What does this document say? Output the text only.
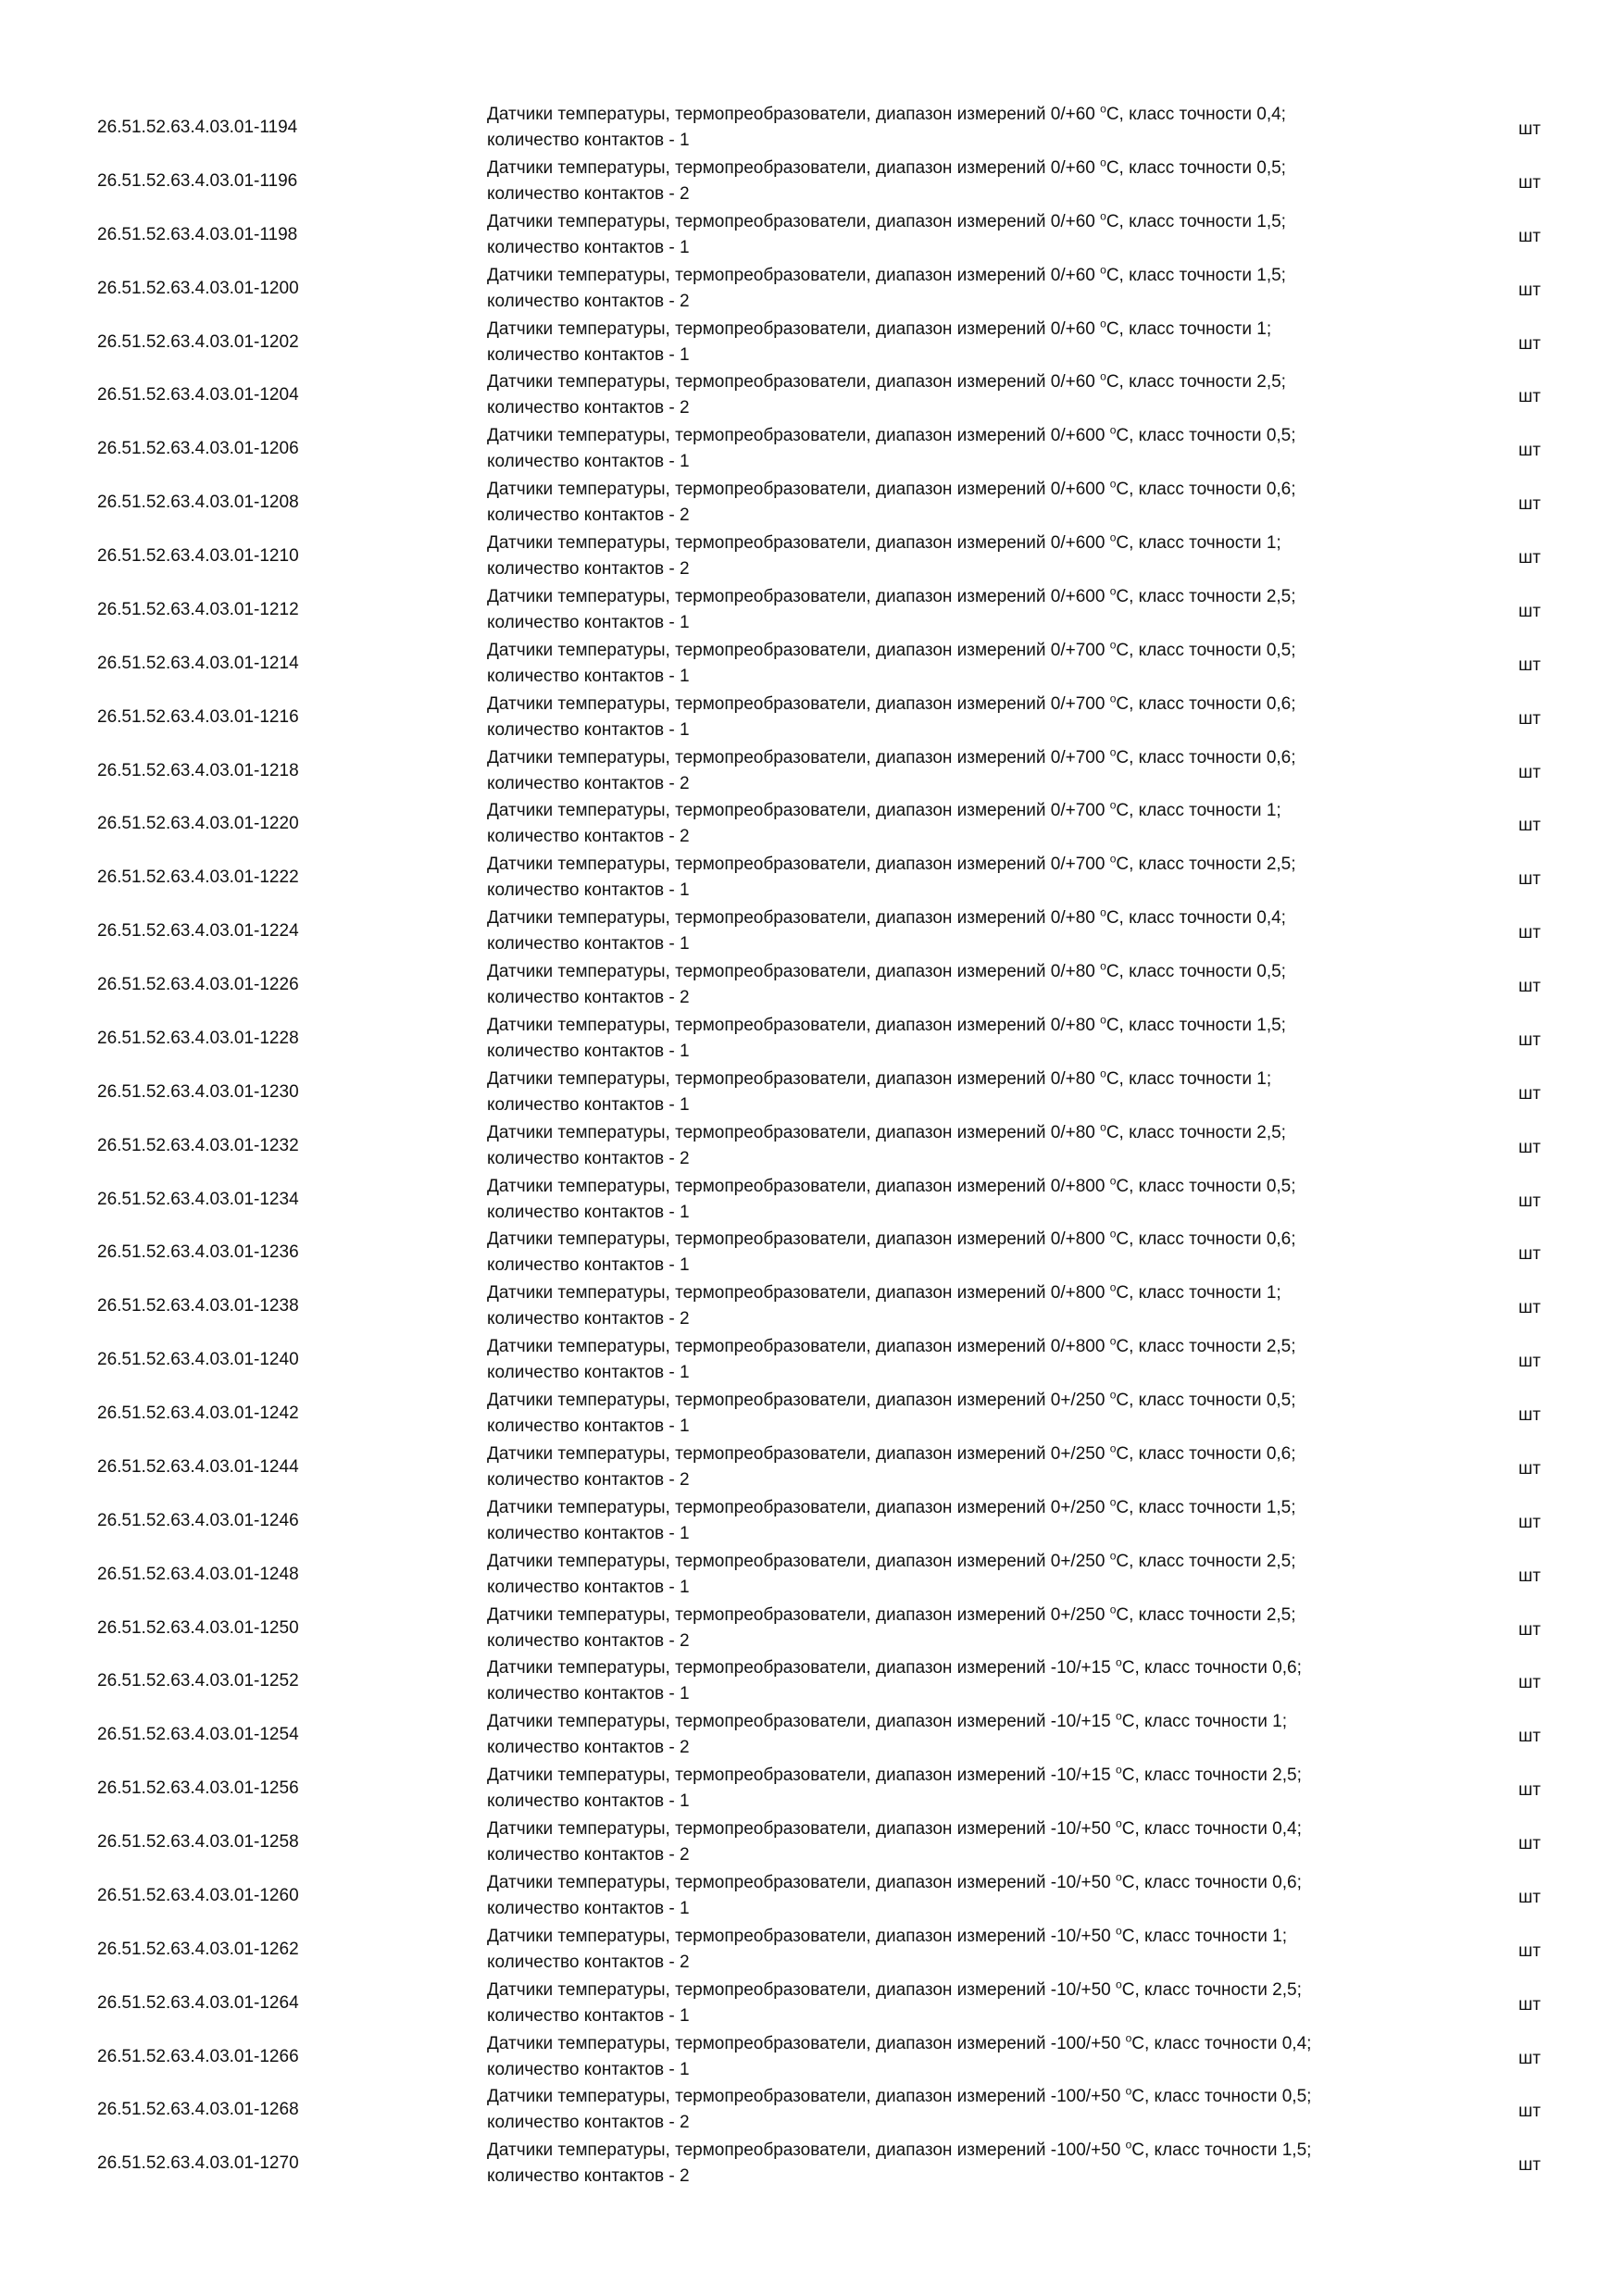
26.51.52.63.4.03.01-1194
Датчики температуры, термопреобразователи, диапазон измерений 0/+60 $^o$C, класс точности 0,4;
количество контактов - 1
шт
26.51.52.63.4.03.01-1196
Датчики температуры, термопреобразователи, диапазон измерений 0/+60 $^o$C, класс точности 0,5;
количество контактов - 2
шт
26.51.52.63.4.03.01-1198
Датчики температуры, термопреобразователи, диапазон измерений 0/+60 $^o$C, класс точности 1,5;
количество контактов - 1
шт
26.51.52.63.4.03.01-1200
Датчики температуры, термопреобразователи, диапазон измерений 0/+60 $^o$C, класс точности 1,5;
количество контактов - 2
шт
26.51.52.63.4.03.01-1202
Датчики температуры, термопреобразователи, диапазон измерений 0/+60 $^o$C, класс точности 1;
количество контактов - 1
шт
26.51.52.63.4.03.01-1204
Датчики температуры, термопреобразователи, диапазон измерений 0/+60 $^o$C, класс точности 2,5;
количество контактов - 2
шт
26.51.52.63.4.03.01-1206
Датчики температуры, термопреобразователи, диапазон измерений 0/+600 $^o$C, класс точности 0,5;
количество контактов - 1
шт
26.51.52.63.4.03.01-1208
Датчики температуры, термопреобразователи, диапазон измерений 0/+600 $^o$C, класс точности 0,6;
количество контактов - 2
шт
26.51.52.63.4.03.01-1210
Датчики температуры, термопреобразователи, диапазон измерений 0/+600 $^o$C, класс точности 1;
количество контактов - 2
шт
26.51.52.63.4.03.01-1212
Датчики температуры, термопреобразователи, диапазон измерений 0/+600 $^o$C, класс точности 2,5;
количество контактов - 1
шт
26.51.52.63.4.03.01-1214
Датчики температуры, термопреобразователи, диапазон измерений 0/+700 $^o$C, класс точности 0,5;
количество контактов - 1
шт
26.51.52.63.4.03.01-1216
Датчики температуры, термопреобразователи, диапазон измерений 0/+700 $^o$C, класс точности 0,6;
количество контактов - 1
шт
26.51.52.63.4.03.01-1218
Датчики температуры, термопреобразователи, диапазон измерений 0/+700 $^o$C, класс точности 0,6;
количество контактов - 2
шт
26.51.52.63.4.03.01-1220
Датчики температуры, термопреобразователи, диапазон измерений 0/+700 $^o$C, класс точности 1;
количество контактов - 2
шт
26.51.52.63.4.03.01-1222
Датчики температуры, термопреобразователи, диапазон измерений 0/+700 $^o$C, класс точности 2,5;
количество контактов - 1
шт
26.51.52.63.4.03.01-1224
Датчики температуры, термопреобразователи, диапазон измерений 0/+80 $^o$C, класс точности 0,4;
количество контактов - 1
шт
26.51.52.63.4.03.01-1226
Датчики температуры, термопреобразователи, диапазон измерений 0/+80 $^o$C, класс точности 0,5;
количество контактов - 2
шт
26.51.52.63.4.03.01-1228
Датчики температуры, термопреобразователи, диапазон измерений 0/+80 $^o$C, класс точности 1,5;
количество контактов - 1
шт
26.51.52.63.4.03.01-1230
Датчики температуры, термопреобразователи, диапазон измерений 0/+80 $^o$C, класс точности 1;
количество контактов - 1
шт
26.51.52.63.4.03.01-1232
Датчики температуры, термопреобразователи, диапазон измерений 0/+80 $^o$C, класс точности 2,5;
количество контактов - 2
шт
26.51.52.63.4.03.01-1234
Датчики температуры, термопреобразователи, диапазон измерений 0/+800 $^o$C, класс точности 0,5;
количество контактов - 1
шт
26.51.52.63.4.03.01-1236
Датчики температуры, термопреобразователи, диапазон измерений 0/+800 $^o$C, класс точности 0,6;
количество контактов - 1
шт
26.51.52.63.4.03.01-1238
Датчики температуры, термопреобразователи, диапазон измерений 0/+800 $^o$C, класс точности 1;
количество контактов - 2
шт
26.51.52.63.4.03.01-1240
Датчики температуры, термопреобразователи, диапазон измерений 0/+800 $^o$C, класс точности 2,5;
количество контактов - 1
шт
26.51.52.63.4.03.01-1242
Датчики температуры, термопреобразователи, диапазон измерений 0+/250 $^o$C, класс точности 0,5;
количество контактов - 1
шт
26.51.52.63.4.03.01-1244
Датчики температуры, термопреобразователи, диапазон измерений 0+/250 $^o$C, класс точности 0,6;
количество контактов - 2
шт
26.51.52.63.4.03.01-1246
Датчики температуры, термопреобразователи, диапазон измерений 0+/250 $^o$C, класс точности 1,5;
количество контактов - 1
шт
26.51.52.63.4.03.01-1248
Датчики температуры, термопреобразователи, диапазон измерений 0+/250 $^o$C, класс точности 2,5;
количество контактов - 1
шт
26.51.52.63.4.03.01-1250
Датчики температуры, термопреобразователи, диапазон измерений 0+/250 $^o$C, класс точности 2,5;
количество контактов - 2
шт
26.51.52.63.4.03.01-1252
Датчики температуры, термопреобразователи, диапазон измерений -10/+15 $^o$C, класс точности 0,6;
количество контактов - 1
шт
26.51.52.63.4.03.01-1254
Датчики температуры, термопреобразователи, диапазон измерений -10/+15 $^o$C, класс точности 1;
количество контактов - 2
шт
26.51.52.63.4.03.01-1256
Датчики температуры, термопреобразователи, диапазон измерений -10/+15 $^o$C, класс точности 2,5;
количество контактов - 1
шт
26.51.52.63.4.03.01-1258
Датчики температуры, термопреобразователи, диапазон измерений -10/+50 $^o$C, класс точности 0,4;
количество контактов - 2
шт
26.51.52.63.4.03.01-1260
Датчики температуры, термопреобразователи, диапазон измерений -10/+50 $^o$C, класс точности 0,6;
количество контактов - 1
шт
26.51.52.63.4.03.01-1262
Датчики температуры, термопреобразователи, диапазон измерений -10/+50 $^o$C, класс точности 1;
количество контактов - 2
шт
26.51.52.63.4.03.01-1264
Датчики температуры, термопреобразователи, диапазон измерений -10/+50 $^o$C, класс точности 2,5;
количество контактов - 1
шт
26.51.52.63.4.03.01-1266
Датчики температуры, термопреобразователи, диапазон измерений -100/+50 $^o$C, класс точности 0,4;
количество контактов - 1
шт
26.51.52.63.4.03.01-1268
Датчики температуры, термопреобразователи, диапазон измерений -100/+50 $^o$C, класс точности 0,5;
количество контактов - 2
шт
26.51.52.63.4.03.01-1270
Датчики температуры, термопреобразователи, диапазон измерений -100/+50 $^o$C, класс точности 1,5;
количество контактов - 2
шт
